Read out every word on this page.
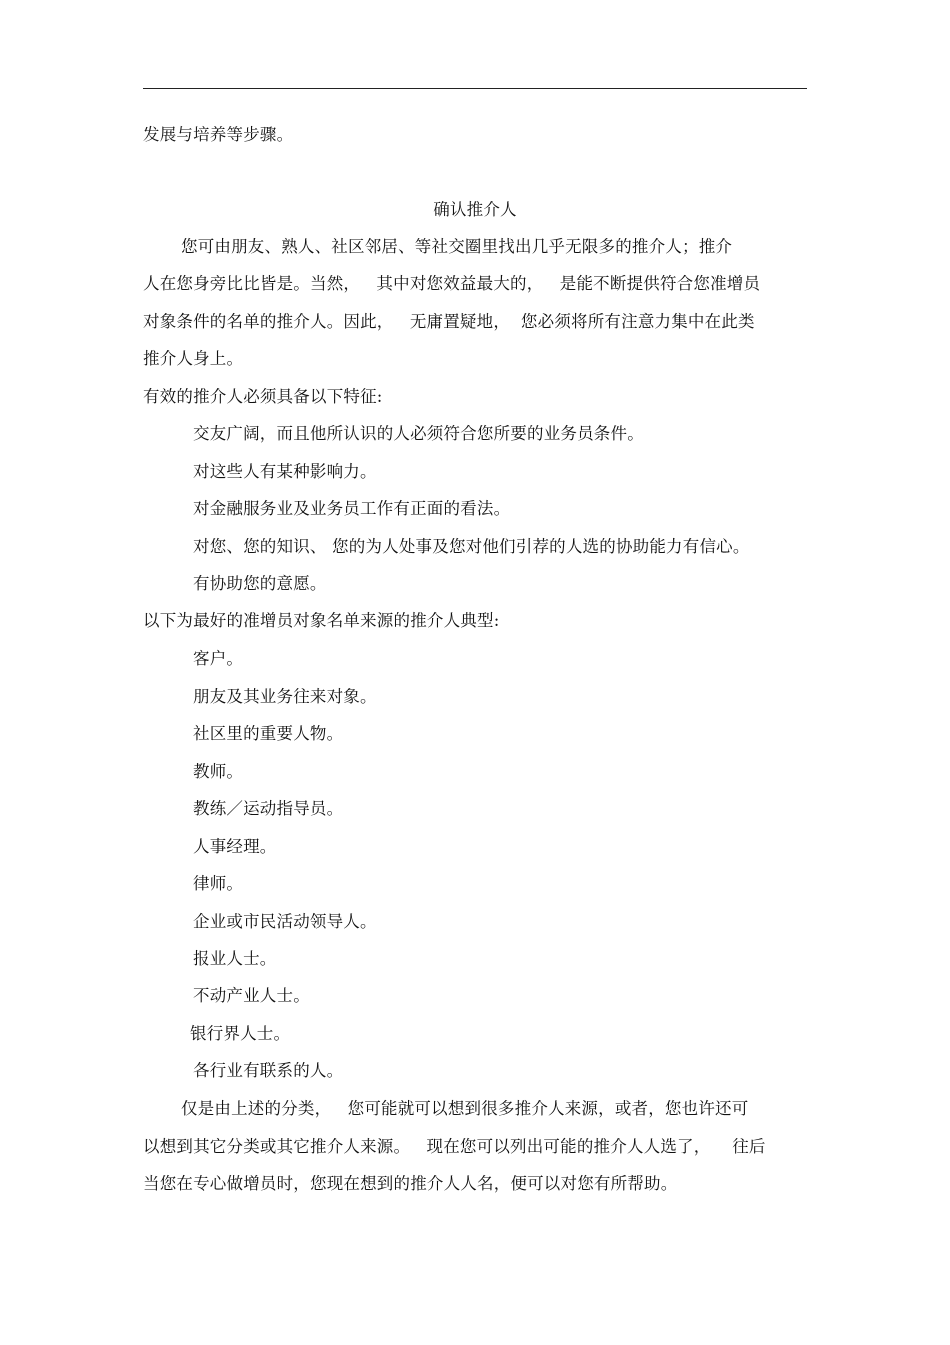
发展与培养等步骤。
确认推介人
您可由朋友、熟人、社区邻居、等社交圈里找出几乎无限多的推介人；推介
人在您身旁比比皆是。当然，   其中对您效益最大的，   是能不断提供符合您准增员
对象条件的名单的推介人。因此，   无庸置疑地，  您必须将所有注意力集中在此类
推介人身上。
有效的推介人必须具备以下特征:
交友广阔，而且他所认识的人必须符合您所要的业务员条件。
对这些人有某种影响力。
对金融服务业及业务员工作有正面的看法。
对您、您的知识、 您的为人处事及您对他们引荐的人选的协助能力有信心。
有协助您的意愿。
以下为最好的准增员对象名单来源的推介人典型:
客户。
朋友及其业务往来对象。
社区里的重要人物。
教师。
教练／运动指导员。
人事经理。
律师。
企业或市民活动领导人。
报业人士。
不动产业人士。
银行界人士。
各行业有联系的人。
仅是由上述的分类，   您可能就可以想到很多推介人来源，或者，您也许还可
以想到其它分类或其它推介人来源。   现在您可以列出可能的推介人人选了，    往后
当您在专心做增员时，您现在想到的推介人人名，便可以对您有所帮助。
